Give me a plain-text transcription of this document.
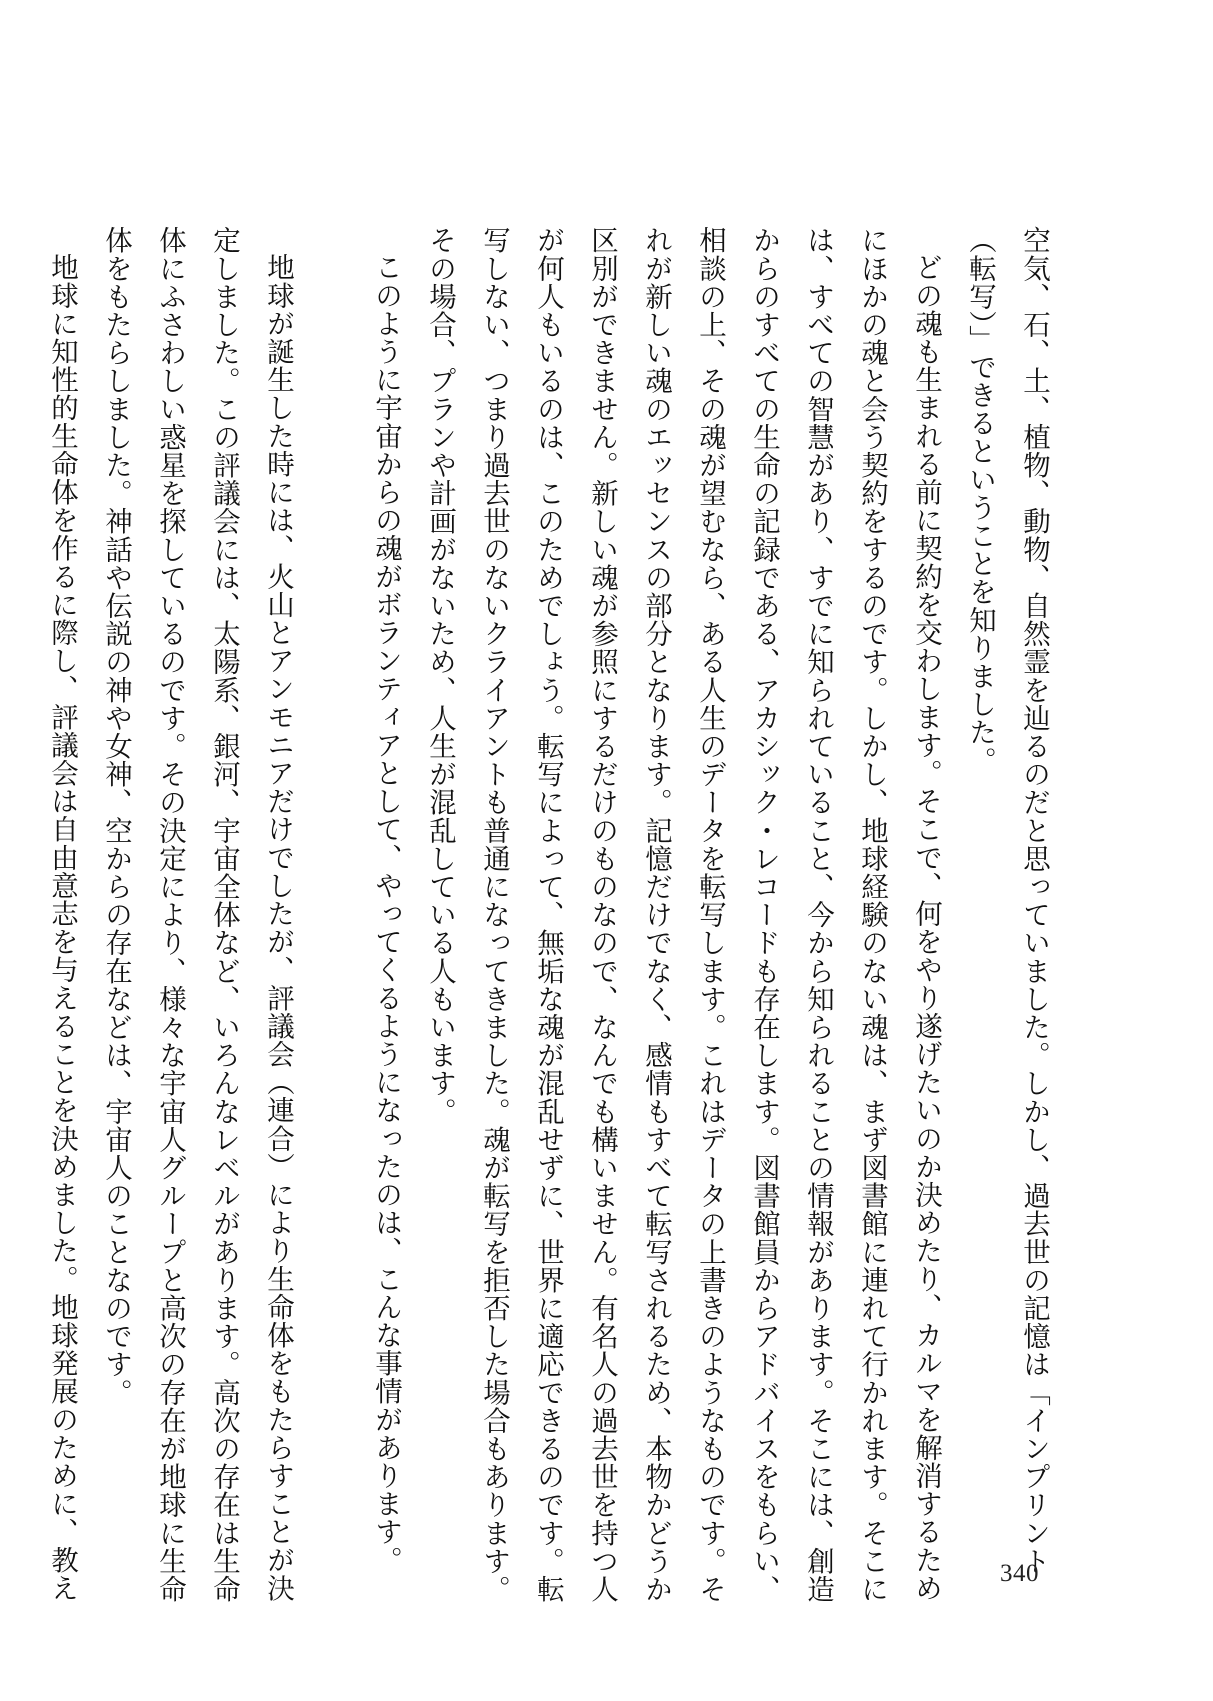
空気、石、土、植物、動物、自然霊を辿るのだと思っていました。しかし、過去世の記憶は「インプリント

（転写）」できるということを知りました。

どの魂も生まれる前に契約を交わします。そこで、何をやり遂げたいのか決めたり、カルマを解消するため

にほかの魂と会う契約をするのです。しかし、地球経験のない魂は、まず図書館に連れて行かれます。そこに

は、すべての智慧があり、すでに知られていること、今から知られることの情報があります。そこには、創造

からのすべての生命の記録である、アカシック・レコードも存在します。図書館員からアドバイスをもらい、

相談の上、その魂が望むなら、ある人生のデータを転写します。これはデータの上書きのようなものです。そ

れが新しい魂のエッセンスの部分となります。記憶だけでなく、感情もすべて転写されるため、本物かどうか

区別ができません。新しい魂が参照にするだけのものなので、なんでも構いません。有名人の過去世を持つ人

が何人もいるのは、このためでしょう。転写によって、無垢な魂が混乱せずに、世界に適応できるのです。転

写しない、つまり過去世のないクライアントも普通になってきました。魂が転写を拒否した場合もあります。

その場合、プランや計画がないため、人生が混乱している人もいます。

このように宇宙からの魂がボランティアとして、やってくるようになったのは、こんな事情があります。

地球が誕生した時には、火山とアンモニアだけでしたが、評議会（連合）により生命体をもたらすことが決

定しました。この評議会には、太陽系、銀河、宇宙全体など、いろんなレベルがあります。高次の存在は生命

体にふさわしい惑星を探しているのです。その決定により、様々な宇宙人グループと高次の存在が地球に生命

体をもたらしました。神話や伝説の神や女神、空からの存在などは、宇宙人のことなのです。

地球に知性的生命体を作るに際し、評議会は自由意志を与えることを決めました。地球発展のために、教え	340
